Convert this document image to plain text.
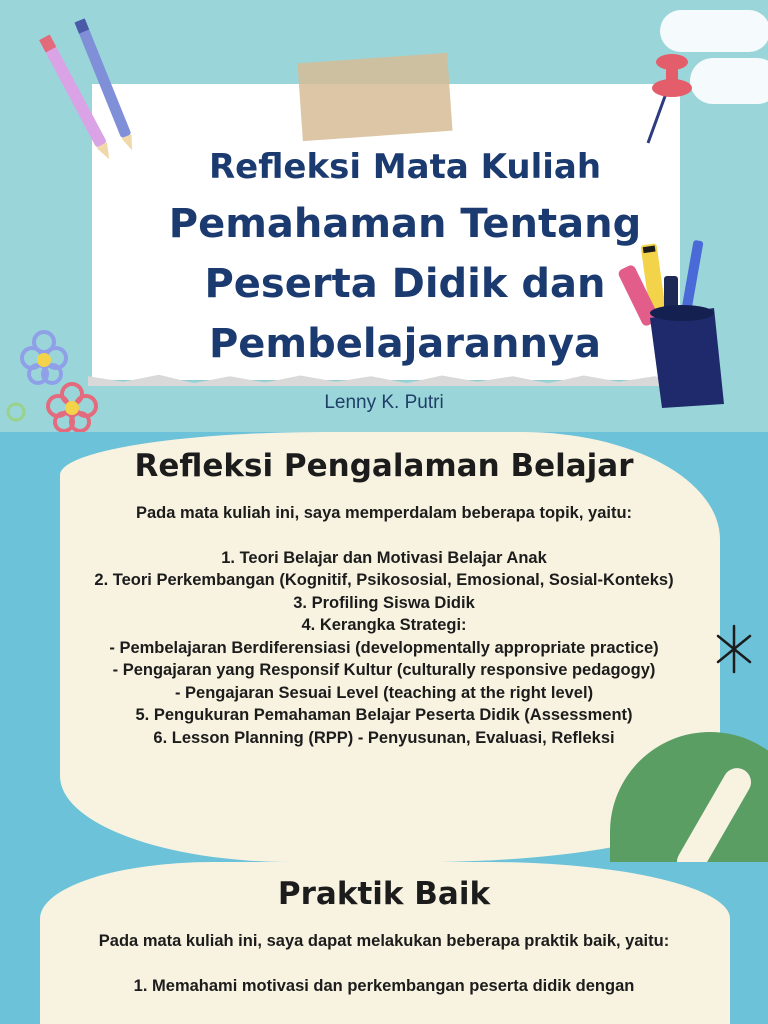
Refleksi Mata Kuliah
Pemahaman Tentang
Peserta Didik dan
Pembelajarannya
Lenny K. Putri
Refleksi Pengalaman Belajar
Pada mata kuliah ini, saya memperdalam beberapa topik, yaitu:
1. Teori Belajar dan Motivasi Belajar Anak
2. Teori Perkembangan (Kognitif, Psikososial, Emosional, Sosial-Konteks)
3. Profiling Siswa Didik
4. Kerangka Strategi:
- Pembelajaran Berdiferensiasi (developmentally appropriate practice)
- Pengajaran yang Responsif Kultur (culturally responsive pedagogy)
- Pengajaran Sesuai Level (teaching at the right level)
5. Pengukuran Pemahaman Belajar Peserta Didik (Assessment)
6. Lesson Planning (RPP) - Penyusunan, Evaluasi, Refleksi
Praktik Baik
Pada mata kuliah ini, saya dapat melakukan beberapa praktik baik, yaitu:
1. Memahami motivasi dan perkembangan peserta didik dengan
